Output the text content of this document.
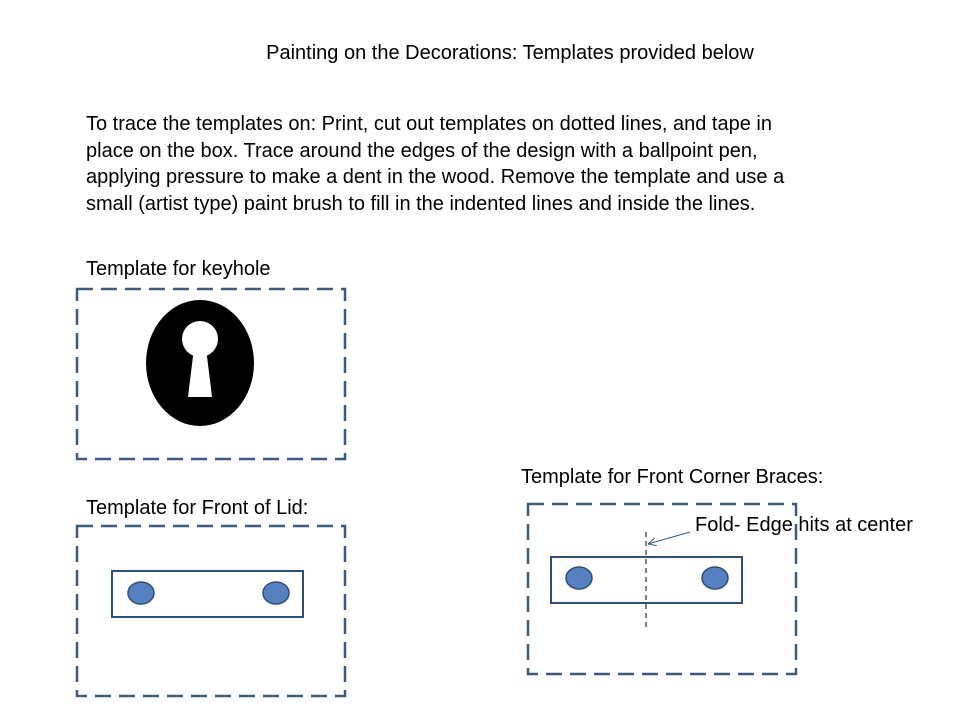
Painting on the Decorations: Templates provided below
To trace the templates on: Print, cut out templates on dotted lines, and tape in
place on the box. Trace around the edges of the design with a ballpoint pen,
applying pressure to make a dent in the wood. Remove the template and use a
small (artist type) paint brush to fill in the indented lines and inside the lines.
Template for keyhole
Template for Front of Lid:
Template for Front Corner Braces:
Fold- Edge hits at center
